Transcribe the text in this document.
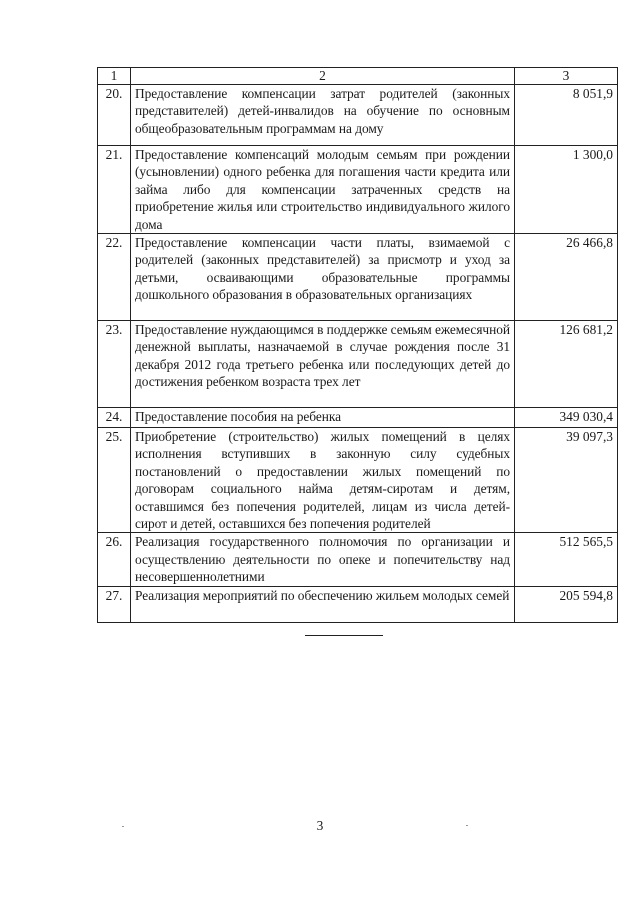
1	2	3
20.	Предоставление компенсации затрат родителей (законных представителей) детей-инвалидов на обучение по основным общеобразовательным программам на дому	8 051,9
21.	Предоставление компенсаций молодым семьям при рождении (усыновлении) одного ребенка для погашения части кредита или займа либо для компенсации затраченных средств на приобретение жилья или строительство индивидуального жилого дома	1 300,0
22.	Предоставление компенсации части платы, взимаемой с родителей (законных представителей) за присмотр и уход за детьми, осваивающими образовательные программы дошкольного образования в образовательных организациях	26 466,8
23.	Предоставление нуждающимся в поддержке семьям ежемесячной денежной выплаты, назначаемой в случае рождения после 31 декабря 2012 года третьего ребенка или последующих детей до достижения ребенком возраста трех лет	126 681,2
24.	Предоставление пособия на ребенка	349 030,4
25.	Приобретение (строительство) жилых помещений в целях исполнения вступивших в законную силу судебных постановлений о предоставлении жилых помещений по договорам социального найма детям-сиротам и детям, оставшимся без попечения родителей, лицам из числа детей-сирот и детей, оставшихся без попечения родителей	39 097,3
26.	Реализация государственного полномочия по организации и осуществлению деятельности по опеке и попечительству над несовершеннолетними	512 565,5
27.	Реализация мероприятий по обеспечению жильем молодых семей	205 594,8
3
